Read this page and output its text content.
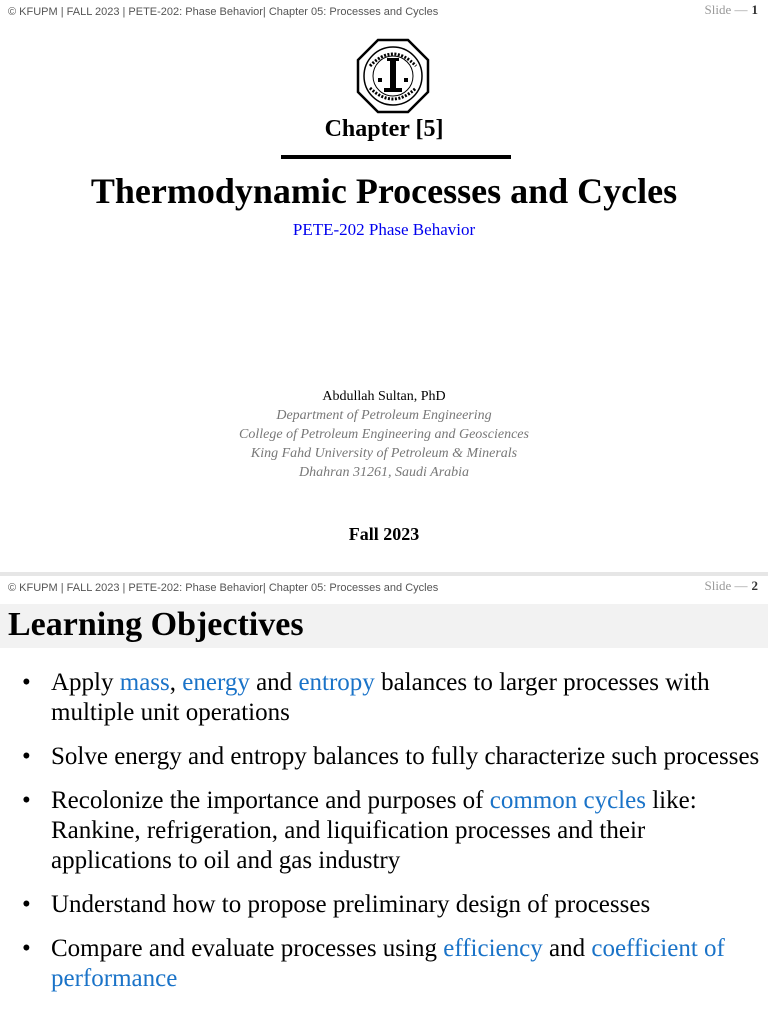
© KFUPM | FALL 2023 | PETE-202: Phase Behavior| Chapter 05: Processes and Cycles	Slide — 1
Chapter [5]
Thermodynamic Processes and Cycles
PETE-202 Phase Behavior
Abdullah Sultan, PhD
Department of Petroleum Engineering
College of Petroleum Engineering and Geosciences
King Fahd University of Petroleum & Minerals
Dhahran 31261, Saudi Arabia
Fall 2023
© KFUPM | FALL 2023 | PETE-202: Phase Behavior| Chapter 05: Processes and Cycles	Slide — 2
Learning Objectives
• Apply mass, energy and entropy balances to larger processes with multiple unit operations
• Solve energy and entropy balances to fully characterize such processes
• Recolonize the importance and purposes of common cycles like: Rankine, refrigeration, and liquification processes and their applications to oil and gas industry
• Understand how to propose preliminary design of processes
• Compare and evaluate processes using efficiency and coefficient of performance
